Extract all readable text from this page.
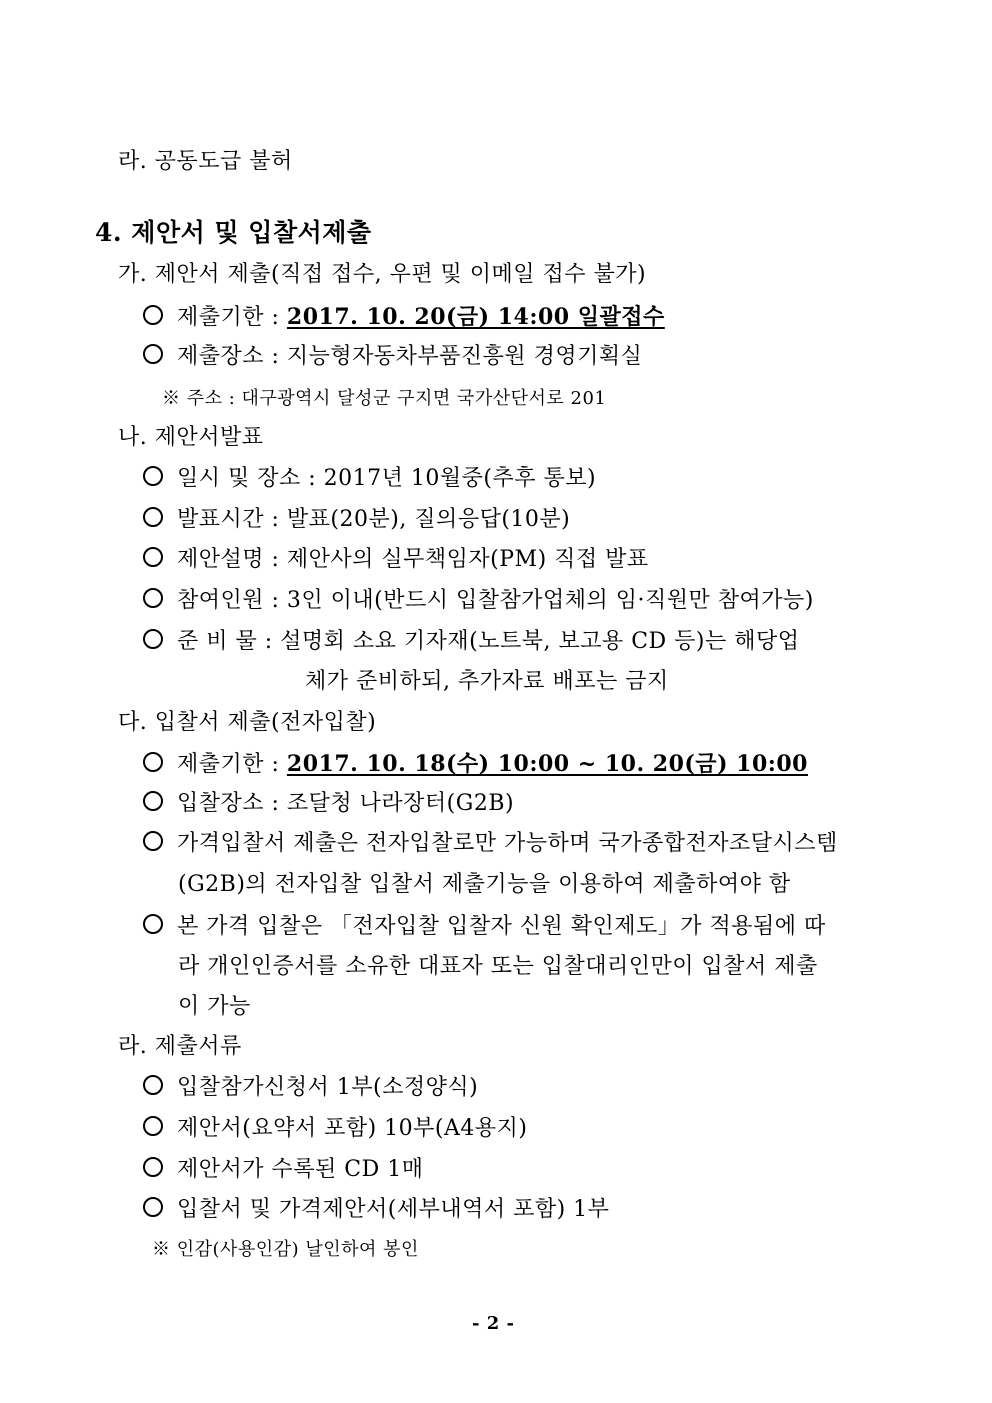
라. 공동도급 불허
4. 제안서 및 입찰서제출
가. 제안서 제출(직접 접수, 우편 및 이메일 접수 불가)
제출기한 : 2017. 10. 20(금) 14:00 일괄접수
제출장소 : 지능형자동차부품진흥원 경영기획실
※ 주소 : 대구광역시 달성군 구지면 국가산단서로 201
나. 제안서발표
일시 및 장소 : 2017년 10월중(추후 통보)
발표시간 : 발표(20분), 질의응답(10분)
제안설명 : 제안사의 실무책임자(PM) 직접 발표
참여인원 : 3인 이내(반드시 입찰참가업체의 임·직원만 참여가능)
준 비 물 : 설명회 소요 기자재(노트북, 보고용 CD 등)는 해당업
체가 준비하되, 추가자료 배포는 금지
다. 입찰서 제출(전자입찰)
제출기한 : 2017. 10. 18(수) 10:00 ~ 10. 20(금) 10:00
입찰장소 : 조달청 나라장터(G2B)
가격입찰서 제출은 전자입찰로만 가능하며 국가종합전자조달시스템
(G2B)의 전자입찰 입찰서 제출기능을 이용하여 제출하여야 함
본 가격 입찰은 「전자입찰 입찰자 신원 확인제도」가 적용됨에 따
라 개인인증서를 소유한 대표자 또는 입찰대리인만이 입찰서 제출
이 가능
라. 제출서류
입찰참가신청서 1부(소정양식)
제안서(요약서 포함) 10부(A4용지)
제안서가 수록된 CD 1매
입찰서 및 가격제안서(세부내역서 포함) 1부
※ 인감(사용인감) 날인하여 봉인
- 2 -
